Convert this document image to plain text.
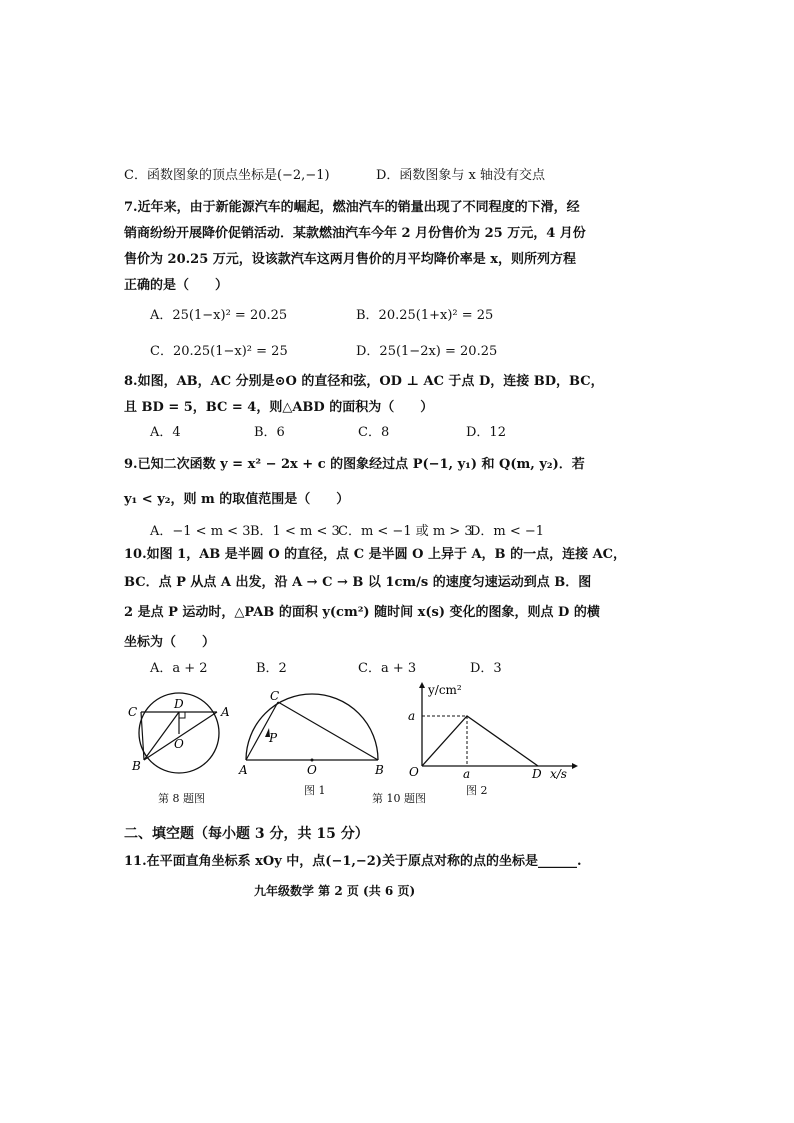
C．函数图象的顶点坐标是(−2,−1)	D．函数图象与 x 轴没有交点
7.近年来，由于新能源汽车的崛起，燃油汽车的销量出现了不同程度的下滑，经
销商纷纷开展降价促销活动．某款燃油汽车今年 2 月份售价为 25 万元，4 月份
售价为 20.25 万元，设该款汽车这两月售价的月平均降价率是 x，则所列方程
正确的是（　　）
A．25(1−x)² = 20.25	B．20.25(1+x)² = 25
C．20.25(1−x)² = 25	D．25(1−2x) = 20.25
8.如图，AB，AC 分别是⊙O 的直径和弦，OD ⊥ AC 于点 D，连接 BD，BC，
且 BD = 5，BC = 4，则△ABD 的面积为（　　）
A．4	B．6	C．8	D．12
9.已知二次函数 y = x² − 2x + c 的图象经过点 P(−1, y₁) 和 Q(m, y₂)．若
y₁ < y₂，则 m 的取值范围是（　　）
A．−1 < m < 3 B．1 < m < 3
C．m < −1 或 m > 3
D．m < −1
10.如图 1，AB 是半圆 O 的直径，点 C 是半圆 O 上异于 A，B 的一点，连接 AC，
BC．点 P 从点 A 出发，沿 A → C → B 以 1cm/s 的速度匀速运动到点 B．图
2 是点 P 运动时，△PAB 的面积 y(cm²) 随时间 x(s) 变化的图象，则点 D 的横
坐标为（　　）
A．a + 2	B．2	C．a + 3	D．3
C
D
A
O
B
第 8 题图
C
P
A	O	B
图 1
第 10 题图
y/cm²
a
O	a	D x/s
图 2
二、填空题（每小题 3 分，共 15 分）
11.在平面直角坐标系 xOy 中，点(−1,−2)关于原点对称的点的坐标是______.
九年级数学 第 2 页 (共 6 页)
